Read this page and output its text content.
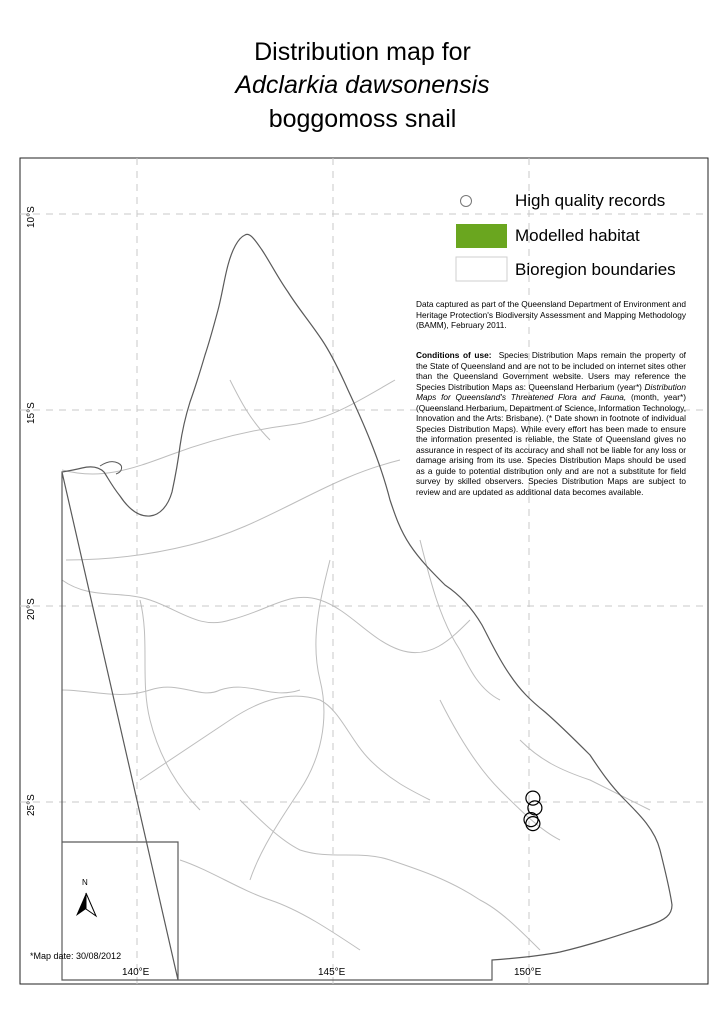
Distribution map for
Adclarkia dawsonensis
boggomoss snail
N
High quality records
Modelled habitat
Bioregion boundaries

Data captured as part of the Queensland Department of Environment and Heritage Protection's Biodiversity Assessment and Mapping Methodology (BAMM), February 2011.

Conditions of use: Species Distribution Maps remain the property of the State of Queensland and are not to be included on internet sites other than the Queensland Government website. Users may reference the Species Distribution Maps as: Queensland Herbarium (year*) Distribution Maps for Queensland's Threatened Flora and Fauna, (month, year*) (Queensland Herbarium, Department of Science, Information Technology, Innovation and the Arts: Brisbane). (* Date shown in footnote of individual Species Distribution Maps). While every effort has been made to ensure the information presented is reliable, the State of Queensland gives no assurance in respect of its accuracy and shall not be liable for any loss or damage arising from its use. Species Distribution Maps should be used as a guide to potential distribution only and are not a substitute for field survey by skilled observers. Species Distribution Maps are subject to review and are updated as additional data becomes available.

*Map date: 30/08/2012
10°S
15°S
20°S
25°S
140°E	145°E	150°E
